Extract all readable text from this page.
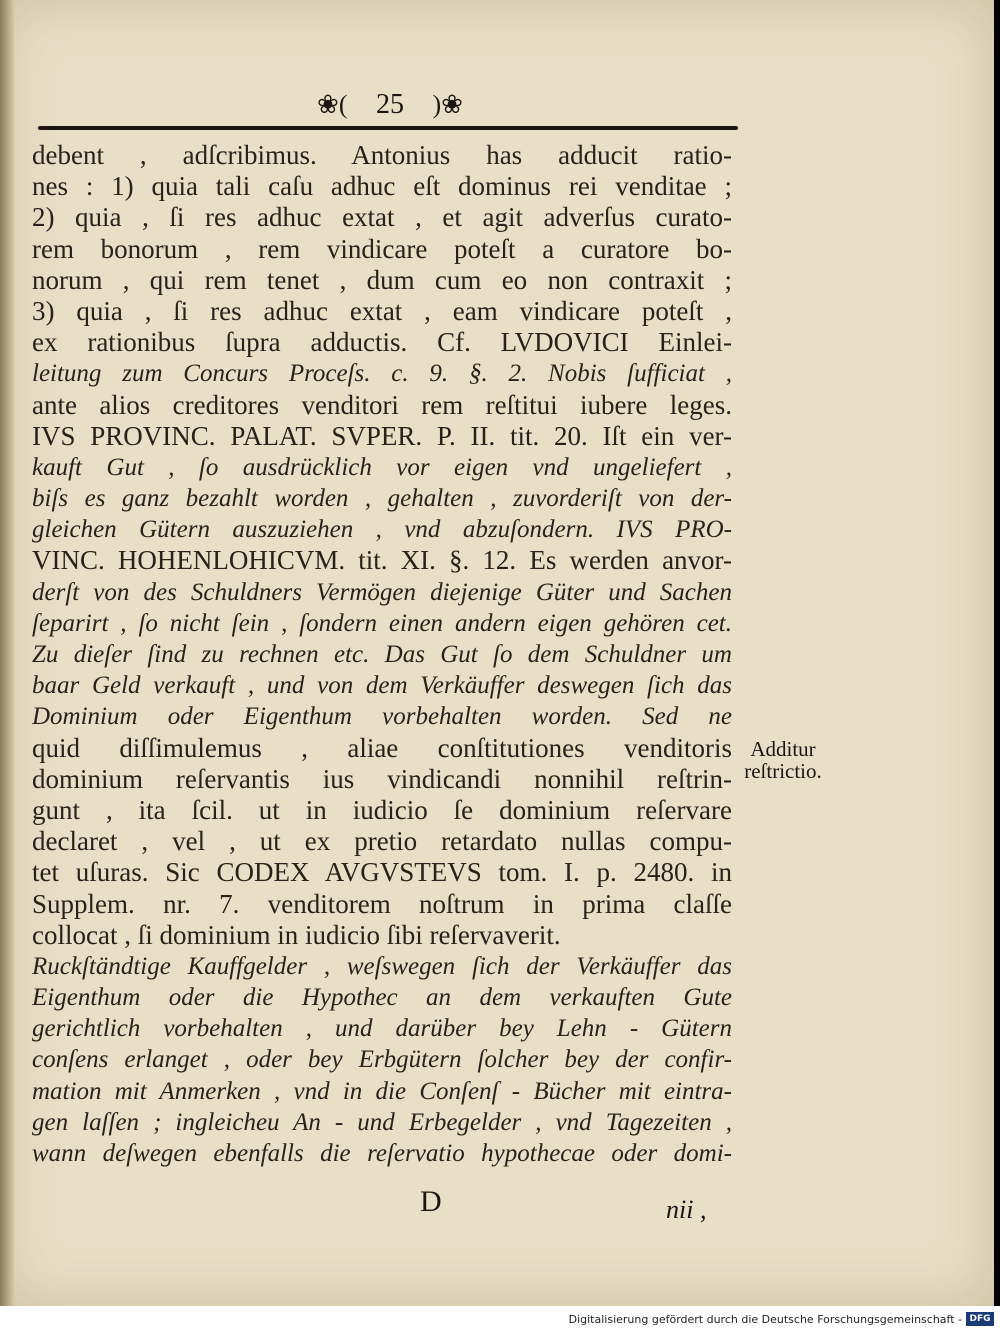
❀( 25 )❀
debent , adſcribimus. Antonius has adducit ratio-
nes : 1) quia tali caſu adhuc eſt dominus rei venditae ;
2) quia , ſi res adhuc extat , et agit adverſus curato-
rem bonorum , rem vindicare poteſt a curatore bo-
norum , qui rem tenet , dum cum eo non contraxit ;
3) quia , ſi res adhuc extat , eam vindicare poteſt ,
ex rationibus ſupra adductis. Cf. LVDOVICI Einlei-
leitung zum Concurs Proceſs. c. 9. §. 2. Nobis ſufficiat ,
ante alios creditores venditori rem reſtitui iubere leges.
IVS PROVINC. PALAT. SVPER. P. II. tit. 20. Iſt ein ver-
kauft Gut , ſo ausdrücklich vor eigen vnd ungeliefert ,
biſs es ganz bezahlt worden , gehalten , zuvorderiſt von der-
gleichen Gütern auszuziehen , vnd abzuſondern. IVS PRO-
VINC. HOHENLOHICVM. tit. XI. §. 12. Es werden anvor-
derſt von des Schuldners Vermögen diejenige Güter und Sachen
ſeparirt , ſo nicht ſein , ſondern einen andern eigen gehören cet.
Zu dieſer ſind zu rechnen etc. Das Gut ſo dem Schuldner um
baar Geld verkauft , und von dem Verkäuffer deswegen ſich das
Dominium oder Eigenthum vorbehalten worden. Sed ne
quid diſſimulemus , aliae conſtitutiones venditoris
dominium reſervantis ius vindicandi nonnihil reſtrin-
gunt , ita ſcil. ut in iudicio ſe dominium reſervare
declaret , vel , ut ex pretio retardato nullas compu-
tet uſuras. Sic CODEX AVGVSTEVS tom. I. p. 2480. in
Supplem. nr. 7. venditorem noſtrum in prima claſſe
collocat , ſi dominium in iudicio ſibi reſervaverit.
Ruckſtändtige Kauffgelder , weſswegen ſich der Verkäuffer das
Eigenthum oder die Hypothec an dem verkauften Gute
gerichtlich vorbehalten , und darüber bey Lehn - Gütern
conſens erlanget , oder bey Erbgütern ſolcher bey der confir-
mation mit Anmerken , vnd in die Conſenſ - Bücher mit eintra-
gen laſſen ; ingleicheu An - und Erbegelder , vnd Tagezeiten ,
wann deſwegen ebenfalls die reſervatio hypothecae oder domi-
Additur
reſtrictio.
D	nii ,
Digitalisierung gefördert durch die Deutsche Forschungsgemeinschaft - DFG
